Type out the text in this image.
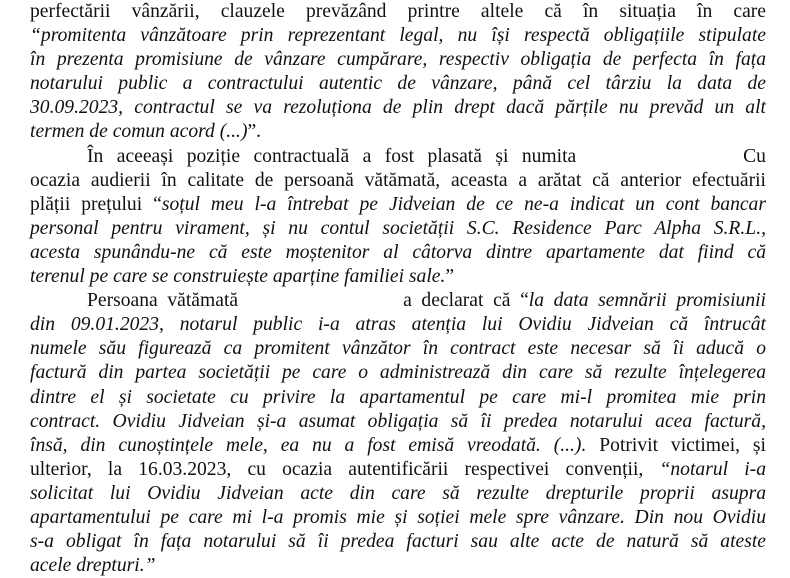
perfectării vânzării, clauzele prevăzând printre altele că în situația în care
“promitenta vânzătoare prin reprezentant legal, nu își respectă obligațiile stipulate
în prezenta promisiune de vânzare cumpărare, respectiv obligația de perfecta în fața
notarului public a contractului autentic de vânzare, până cel târziu la data de
30.09.2023, contractul se va rezoluționa de plin drept dacă părțile nu prevăd un alt
termen de comun acord (...)”.
În aceeași poziție contractuală a fost plasată și numita	Cu
ocazia audierii în calitate de persoană vătămată, aceasta a arătat că anterior efectuării
plății prețului “soțul meu l-a întrebat pe Jidveian de ce ne-a indicat un cont bancar
personal pentru virament, și nu contul societății S.C. Residence Parc Alpha S.R.L.,
acesta spunându-ne că este moștenitor al câtorva dintre apartamente dat fiind că
terenul pe care se construiește aparține familiei sale.”
Persoana vătămată	a declarat că “la data semnării promisiunii
din 09.01.2023, notarul public i-a atras atenția lui Ovidiu Jidveian că întrucât
numele său figurează ca promitent vânzător în contract este necesar să îi aducă o
factură din partea societății pe care o administrează din care să rezulte înțelegerea
dintre el și societate cu privire la apartamentul pe care mi-l promitea mie prin
contract. Ovidiu Jidveian și-a asumat obligația să îi predea notarului acea factură,
însă, din cunoștințele mele, ea nu a fost emisă vreodată. (...). Potrivit victimei, și
ulterior, la 16.03.2023, cu ocazia autentificării respectivei convenții, “notarul i-a
solicitat lui Ovidiu Jidveian acte din care să rezulte drepturile proprii asupra
apartamentului pe care mi l-a promis mie și soției mele spre vânzare. Din nou Ovidiu
s-a obligat în fața notarului să îi predea facturi sau alte acte de natură să ateste
acele drepturi.”
